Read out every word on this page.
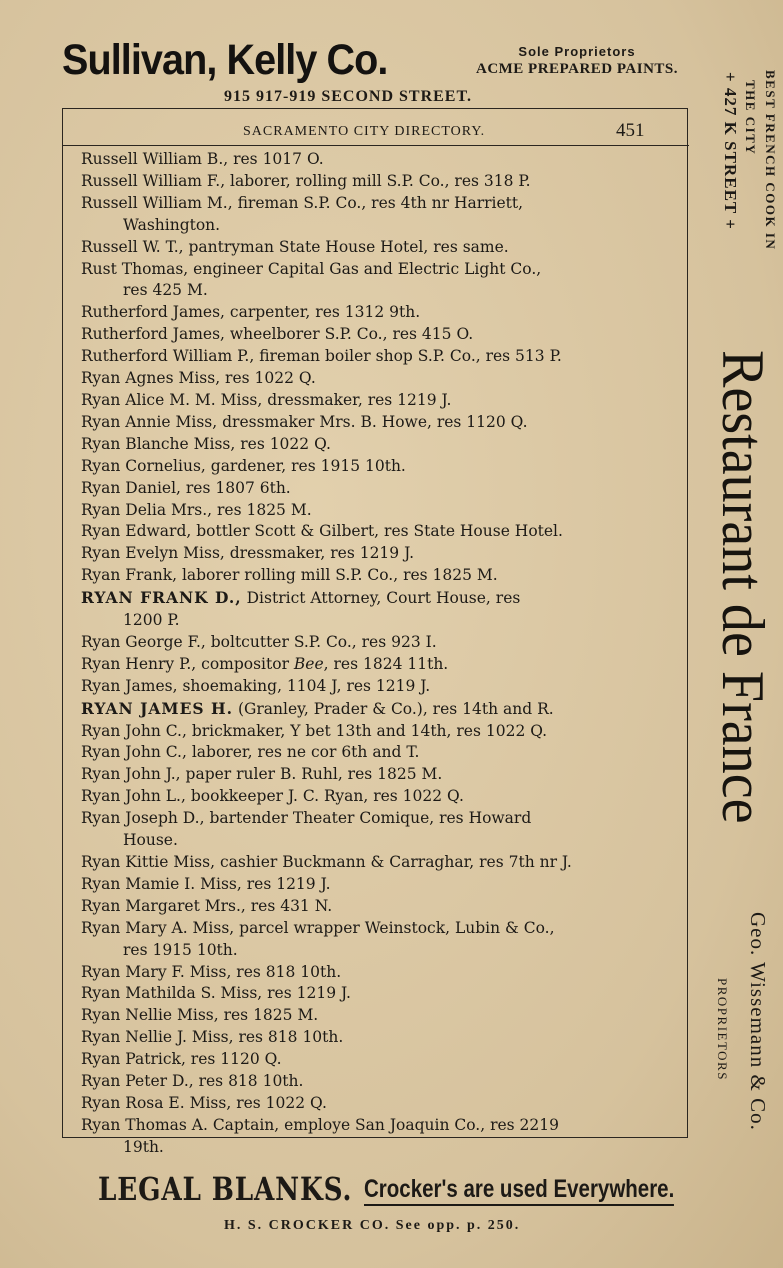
Sullivan, Kelly Co.	Sole Proprietors
ACME PREPARED PAINTS.
915 917-919 SECOND STREET.
SACRAMENTO CITY DIRECTORY.	451
Russell William B., res 1017 O.
Russell William F., laborer, rolling mill S.P. Co., res 318 P.
Russell William M., fireman S.P. Co., res 4th nr Harriett,
Washington.
Russell W. T., pantryman State House Hotel, res same.
Rust Thomas, engineer Capital Gas and Electric Light Co.,
res 425 M.
Rutherford James, carpenter, res 1312 9th.
Rutherford James, wheelborer S.P. Co., res 415 O.
Rutherford William P., fireman boiler shop S.P. Co., res 513 P.
Ryan Agnes Miss, res 1022 Q.
Ryan Alice M. M. Miss, dressmaker, res 1219 J.
Ryan Annie Miss, dressmaker Mrs. B. Howe, res 1120 Q.
Ryan Blanche Miss, res 1022 Q.
Ryan Cornelius, gardener, res 1915 10th.
Ryan Daniel, res 1807 6th.
Ryan Delia Mrs., res 1825 M.
Ryan Edward, bottler Scott & Gilbert, res State House Hotel.
Ryan Evelyn Miss, dressmaker, res 1219 J.
Ryan Frank, laborer rolling mill S.P. Co., res 1825 M.
RYAN FRANK D., District Attorney, Court House, res
1200 P.
Ryan George F., boltcutter S.P. Co., res 923 I.
Ryan Henry P., compositor Bee, res 1824 11th.
Ryan James, shoemaking, 1104 J, res 1219 J.
RYAN JAMES H. (Granley, Prader & Co.), res 14th and R.
Ryan John C., brickmaker, Y bet 13th and 14th, res 1022 Q.
Ryan John C., laborer, res ne cor 6th and T.
Ryan John J., paper ruler B. Ruhl, res 1825 M.
Ryan John L., bookkeeper J. C. Ryan, res 1022 Q.
Ryan Joseph D., bartender Theater Comique, res Howard
House.
Ryan Kittie Miss, cashier Buckmann & Carraghar, res 7th nr J.
Ryan Mamie I. Miss, res 1219 J.
Ryan Margaret Mrs., res 431 N.
Ryan Mary A. Miss, parcel wrapper Weinstock, Lubin & Co.,
res 1915 10th.
Ryan Mary F. Miss, res 818 10th.
Ryan Mathilda S. Miss, res 1219 J.
Ryan Nellie Miss, res 1825 M.
Ryan Nellie J. Miss, res 818 10th.
Ryan Patrick, res 1120 Q.
Ryan Peter D., res 818 10th.
Ryan Rosa E. Miss, res 1022 Q.
Ryan Thomas A. Captain, employe San Joaquin Co., res 2219
19th.
BEST FRENCH COOK IN
THE CITY
+ 427 K STREET +
Restaurant de France
Geo. Wissemann & Co.
PROPRIETORS
LEGAL BLANKS. Crocker's are used Everywhere.
H. S. CROCKER CO. See opp. p. 250.
